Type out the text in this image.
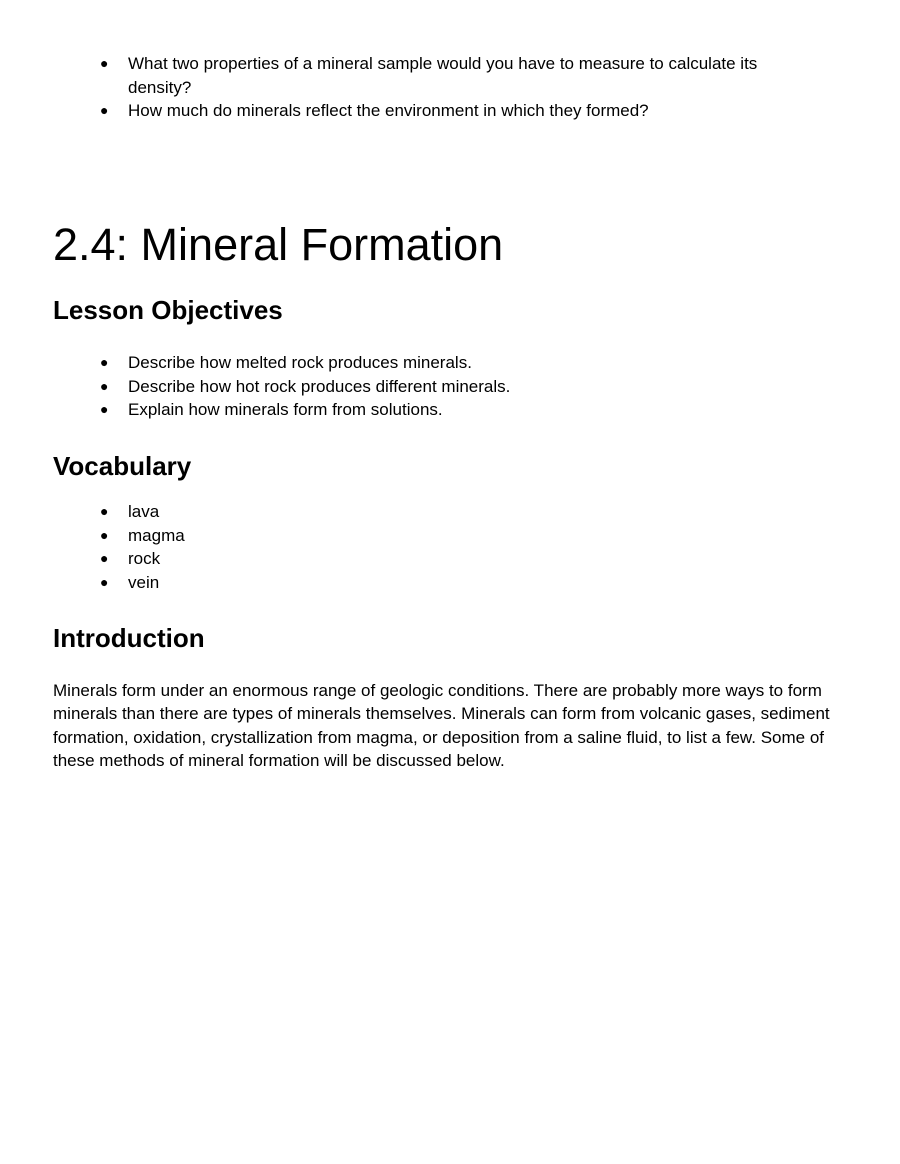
● What two properties of a mineral sample would you have to measure to calculate its density?
● How much do minerals reflect the environment in which they formed?
2.4: Mineral Formation
Lesson Objectives
● Describe how melted rock produces minerals.
● Describe how hot rock produces different minerals.
● Explain how minerals form from solutions.
Vocabulary
● lava
● magma
● rock
● vein
Introduction

Minerals form under an enormous range of geologic conditions. There are probably more ways to form minerals than there are types of minerals themselves. Minerals can form from volcanic gases, sediment formation, oxidation, crystallization from magma, or deposition from a saline fluid, to list a few. Some of these methods of mineral formation will be discussed below.
